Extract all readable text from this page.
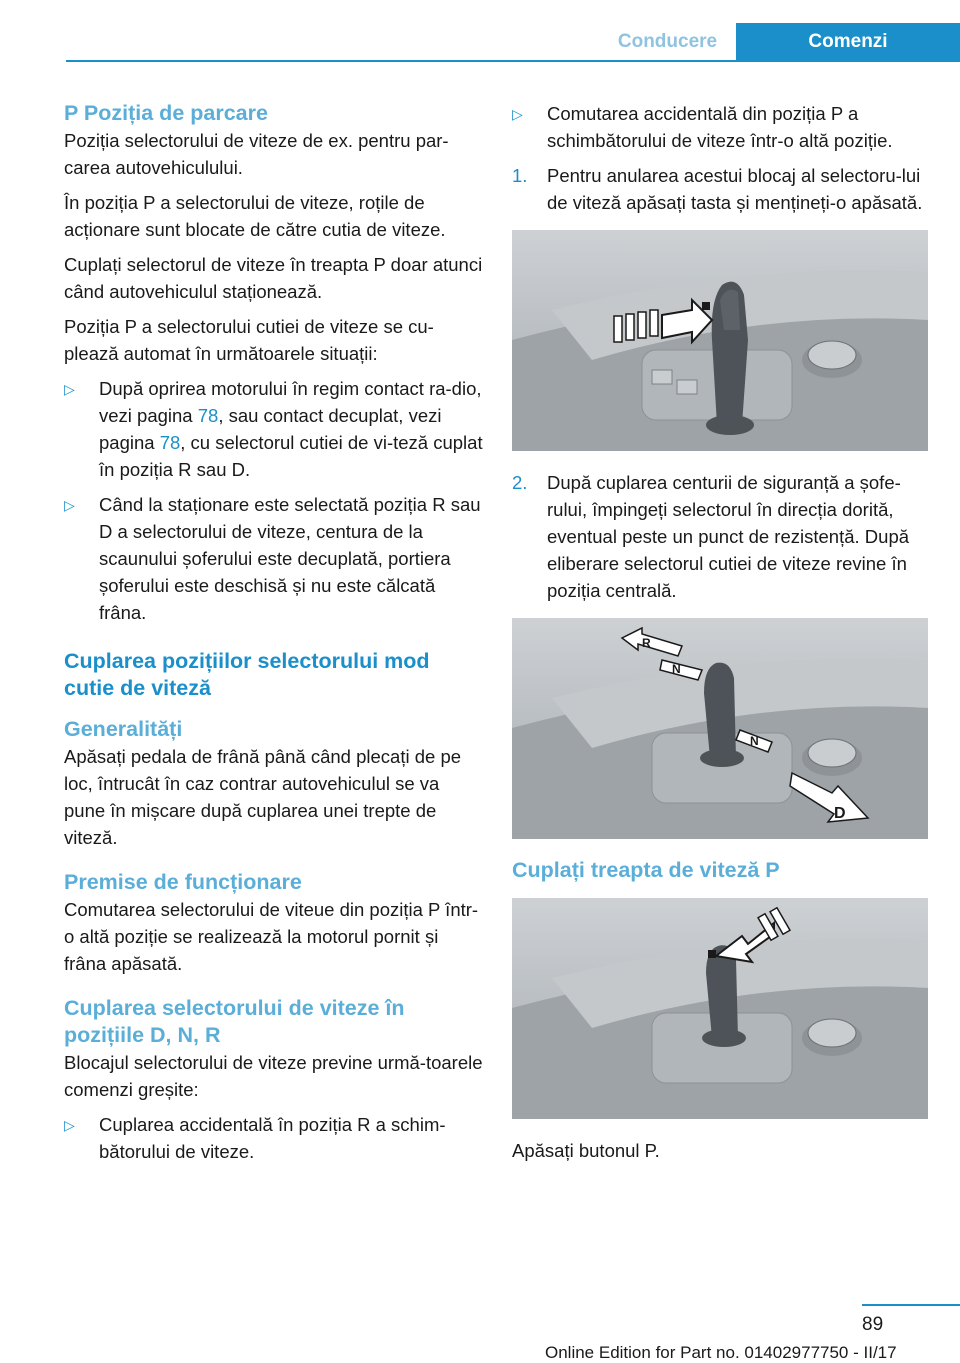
Conducere	Comenzi
P Poziția de parcare

Poziția selectorului de viteze de ex. pentru par‐carea autovehiculului.

În poziția P a selectorului de viteze, roțile de acționare sunt blocate de către cutia de viteze.

Cuplați selectorul de viteze în treapta P doar atunci când autovehiculul staționează.

Poziția P a selectorului cutiei de viteze se cu‐plează automat în următoarele situații:

▷	După oprirea motorului în regim contact ra‐dio, vezi pagina 78, sau contact decuplat, vezi pagina 78, cu selectorul cutiei de vi‐teză cuplat în poziția R sau D.
▷	Când la staționare este selectată poziția R sau D a selectorului de viteze, centura de la scaunului șoferului este decuplată, portiera șoferului este deschisă și nu este călcată frâna.
Cuplarea pozițiilor selectorului mod cutie de viteză
Generalități

Apăsați pedala de frână până când plecați de pe loc, întrucât în caz contrar autovehiculul se va pune în mișcare după cuplarea unei trepte de viteză.

Premise de funcționare

Comutarea selectorului de viteue din poziția P într-o altă poziție se realizează la motorul pornit și frâna apăsată.

Cuplarea selectorului de viteze în pozițiile D, N, R

Blocajul selectorului de viteze previne urmă‐toarele comenzi greșite:

▷	Cuplarea accidentală în poziția R a schim‐bătorului de viteze.
▷	Comutarea accidentală din poziția P a schimbătorului de viteze într-o altă poziție.
1.	Pentru anularea acestui blocaj al selectoru‐lui de viteză apăsați tasta și mențineți-o apăsată.
2.	După cuplarea centurii de siguranță a șofe‐rului, împingeți selectorul în direcția dorită, eventual peste un punct de rezistență. După eliberare selectorul cutiei de viteze revine în poziția centrală.
R
N
N
D
Cuplați treapta de viteză P

Apăsați butonul P.

89
Online Edition for Part no. 01402977750 - II/17
